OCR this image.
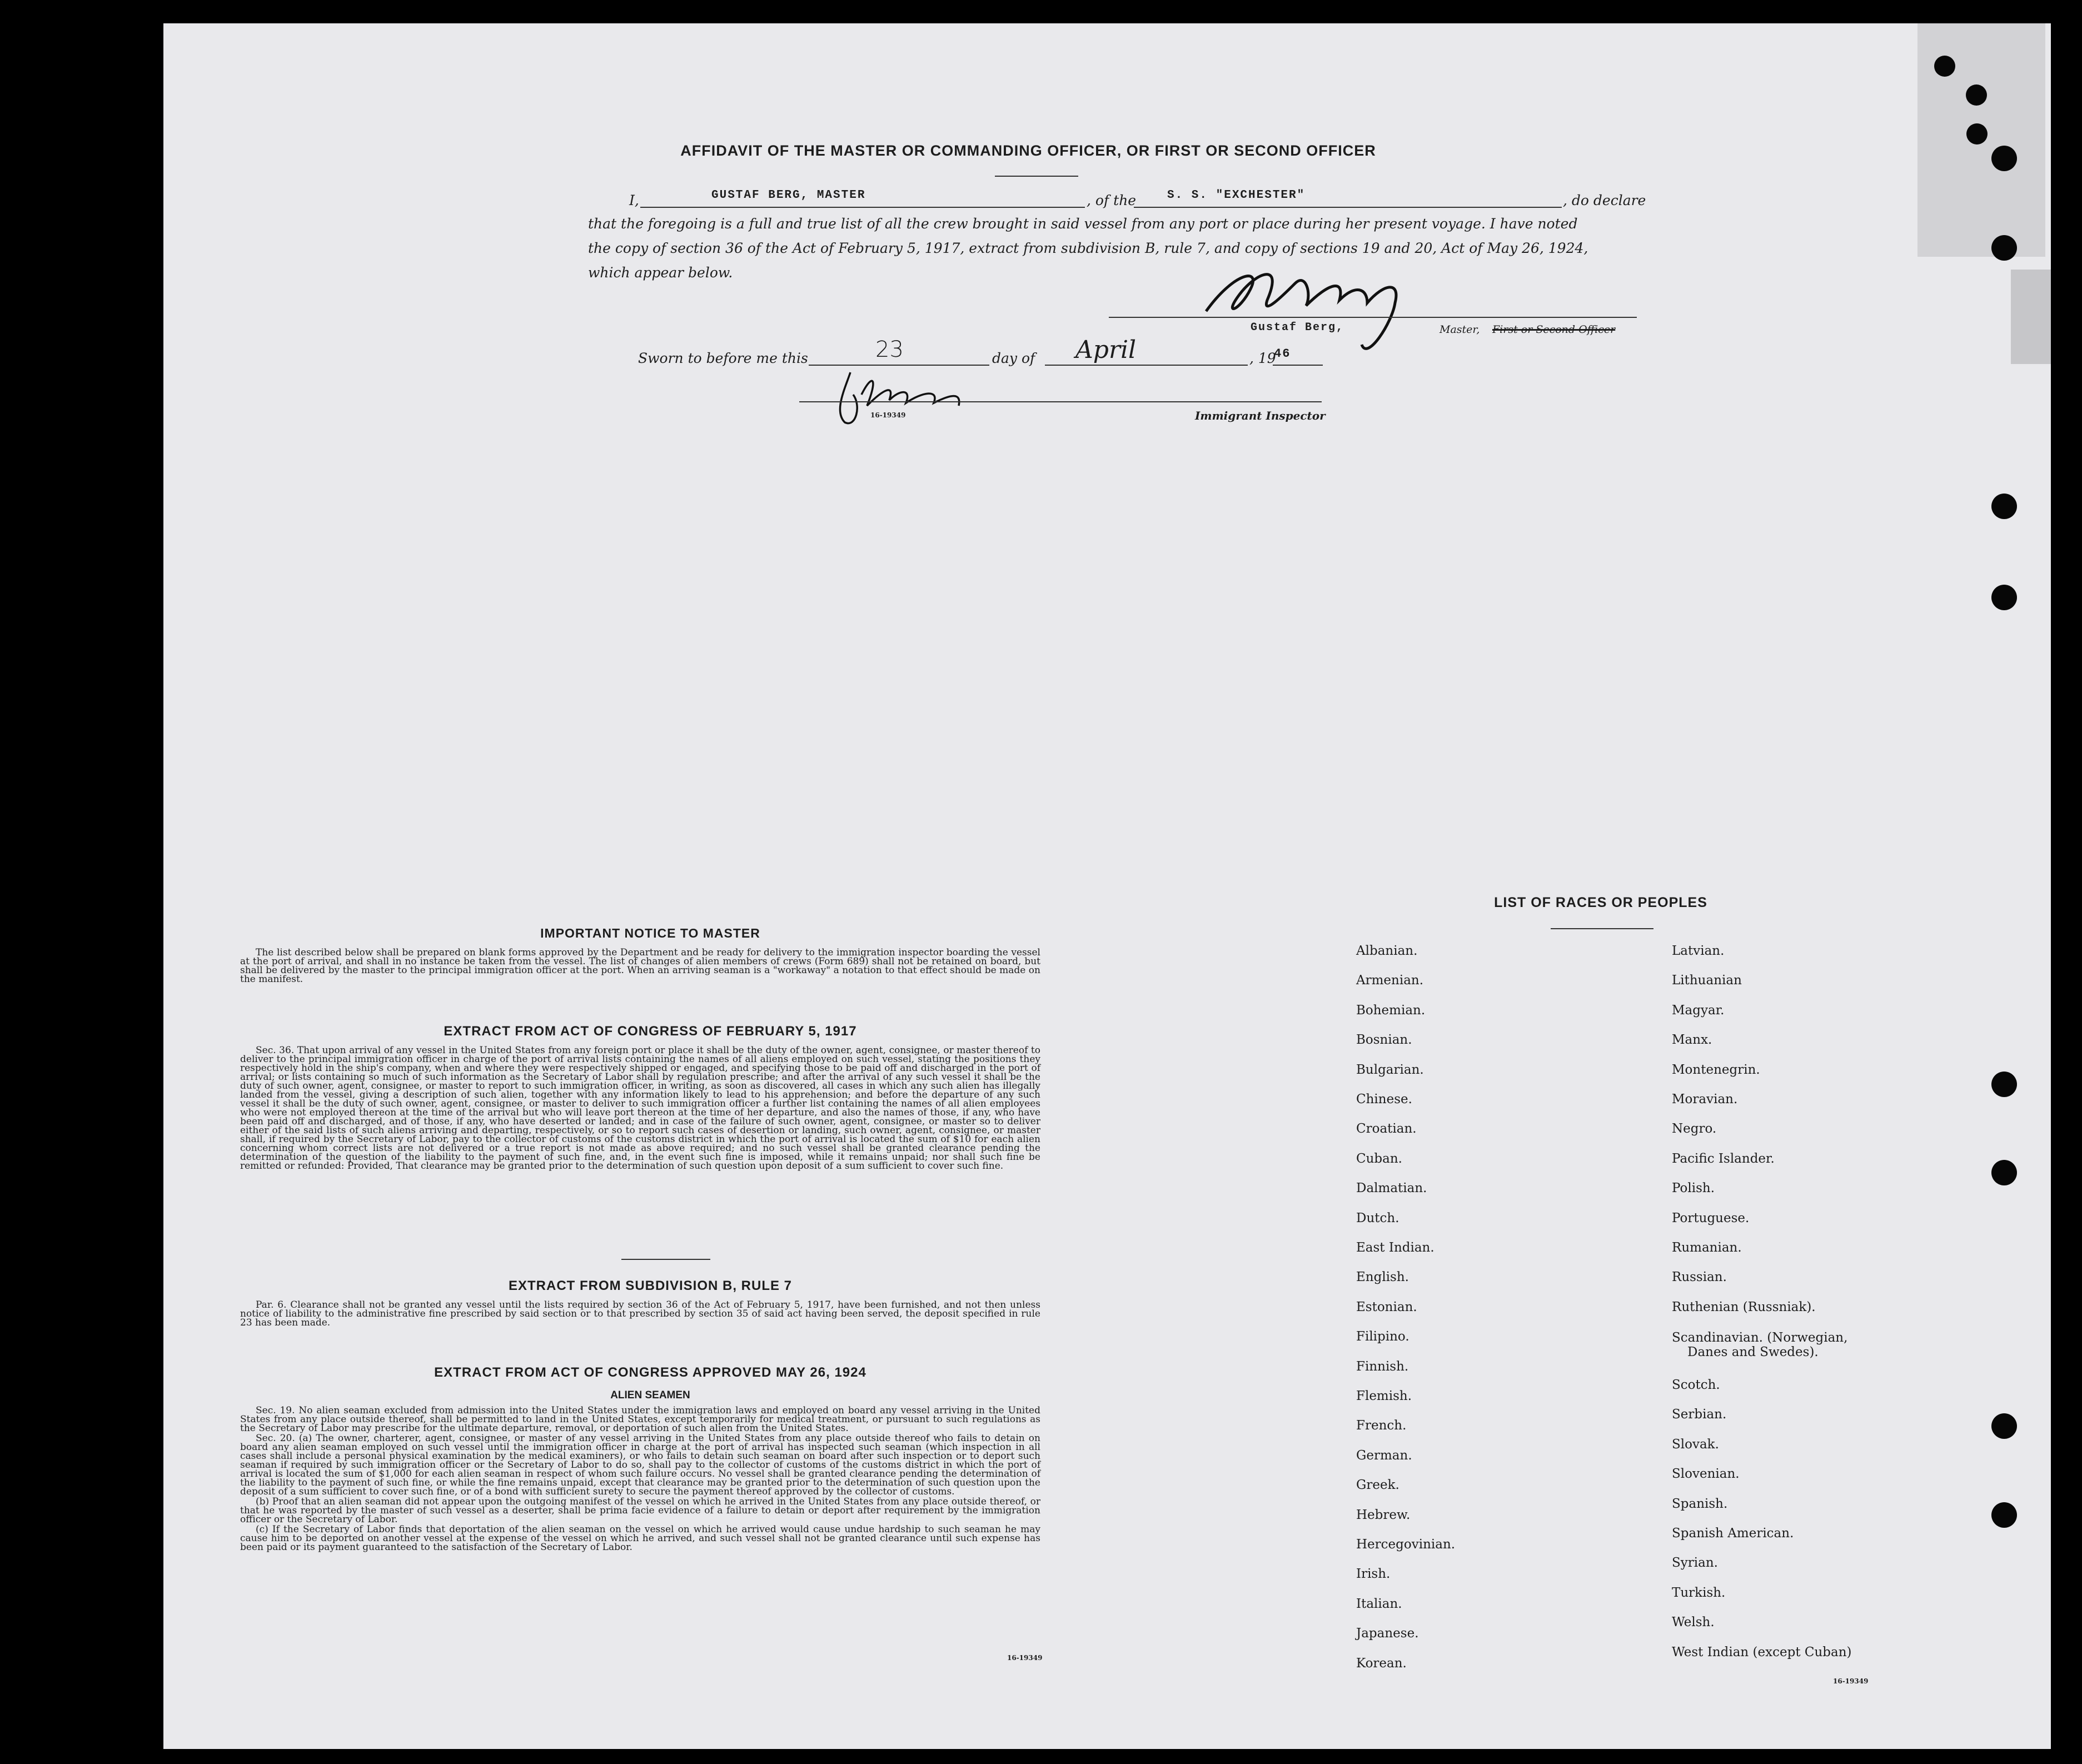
AFFIDAVIT OF THE MASTER OR COMMANDING OFFICER, OR FIRST OR SECOND OFFICER
I,	GUSTAF BERG, MASTER	, of the	S. S. "EXCHESTER"	, do declare
that the foregoing is a full and true list of all the crew brought in said vessel from any port or place during her present voyage. I have noted
the copy of section 36 of the Act of February 5, 1917, extract from subdivision B, rule 7, and copy of sections 19 and 20, Act of May 26, 1924,
which appear below.
Gustaf Berg,	Master, First or Second Officer
Sworn to before me this	23	day of April	, 19
46
16-19349	Immigrant Inspector
IMPORTANT NOTICE TO MASTER

The list described below shall be prepared on blank forms approved by the Department and be ready for delivery to the immigration inspector boarding the vessel at the port of arrival, and shall in no instance be taken from the vessel. The list of changes of alien members of crews (Form 689) shall not be retained on board, but shall be delivered by the master to the principal immigration officer at the port. When an arriving seaman is a "workaway" a notation to that effect should be made on the manifest.

EXTRACT FROM ACT OF CONGRESS OF FEBRUARY 5, 1917

Sec. 36. That upon arrival of any vessel in the United States from any foreign port or place it shall be the duty of the owner, agent, consignee, or master thereof to deliver to the principal immigration officer in charge of the port of arrival lists containing the names of all aliens employed on such vessel, stating the positions they respectively hold in the ship's company, when and where they were respectively shipped or engaged, and specifying those to be paid off and discharged in the port of arrival; or lists containing so much of such information as the Secretary of Labor shall by regulation prescribe; and after the arrival of any such vessel it shall be the duty of such owner, agent, consignee, or master to report to such immigration officer, in writing, as soon as discovered, all cases in which any such alien has illegally landed from the vessel, giving a description of such alien, together with any information likely to lead to his apprehension; and before the departure of any such vessel it shall be the duty of such owner, agent, consignee, or master to deliver to such immigration officer a further list containing the names of all alien employees who were not employed thereon at the time of the arrival but who will leave port thereon at the time of her departure, and also the names of those, if any, who have been paid off and discharged, and of those, if any, who have deserted or landed; and in case of the failure of such owner, agent, consignee, or master so to deliver either of the said lists of such aliens arriving and departing, respectively, or so to report such cases of desertion or landing, such owner, agent, consignee, or master shall, if required by the Secretary of Labor, pay to the collector of customs of the customs district in which the port of arrival is located the sum of $10 for each alien concerning whom correct lists are not delivered or a true report is not made as above required; and no such vessel shall be granted clearance pending the determination of the question of the liability to the payment of such fine, and, in the event such fine is imposed, while it remains unpaid; nor shall such fine be remitted or refunded: Provided, That clearance may be granted prior to the determination of such question upon deposit of a sum sufficient to cover such fine.

EXTRACT FROM SUBDIVISION B, RULE 7

Par. 6. Clearance shall not be granted any vessel until the lists required by section 36 of the Act of February 5, 1917, have been furnished, and not then unless notice of liability to the administrative fine prescribed by said section or to that prescribed by section 35 of said act having been served, the deposit specified in rule 23 has been made.

EXTRACT FROM ACT OF CONGRESS APPROVED MAY 26, 1924
ALIEN SEAMEN

Sec. 19. No alien seaman excluded from admission into the United States under the immigration laws and employed on board any vessel arriving in the United States from any place outside thereof, shall be permitted to land in the United States, except temporarily for medical treatment, or pursuant to such regulations as the Secretary of Labor may prescribe for the ultimate departure, removal, or deportation of such alien from the United States.

Sec. 20. (a) The owner, charterer, agent, consignee, or master of any vessel arriving in the United States from any place outside thereof who fails to detain on board any alien seaman employed on such vessel until the immigration officer in charge at the port of arrival has inspected such seaman (which inspection in all cases shall include a personal physical examination by the medical examiners), or who fails to detain such seaman on board after such inspection or to deport such seaman if required by such immigration officer or the Secretary of Labor to do so, shall pay to the collector of customs of the customs district in which the port of arrival is located the sum of $1,000 for each alien seaman in respect of whom such failure occurs. No vessel shall be granted clearance pending the determination of the liability to the payment of such fine, or while the fine remains unpaid, except that clearance may be granted prior to the determination of such question upon the deposit of a sum sufficient to cover such fine, or of a bond with sufficient surety to secure the payment thereof approved by the collector of customs.

(b) Proof that an alien seaman did not appear upon the outgoing manifest of the vessel on which he arrived in the United States from any place outside thereof, or that he was reported by the master of such vessel as a deserter, shall be prima facie evidence of a failure to detain or deport after requirement by the immigration officer or the Secretary of Labor.

(c) If the Secretary of Labor finds that deportation of the alien seaman on the vessel on which he arrived would cause undue hardship to such seaman he may cause him to be deported on another vessel at the expense of the vessel on which he arrived, and such vessel shall not be granted clearance until such expense has been paid or its payment guaranteed to the satisfaction of the Secretary of Labor.

16-19349
LIST OF RACES OR PEOPLES
Albanian.
Armenian.
Bohemian.
Bosnian.
Bulgarian.
Chinese.
Croatian.
Cuban.
Dalmatian.
Dutch.
East Indian.
English.
Estonian.
Filipino.
Finnish.
Flemish.
French.
German.
Greek.
Hebrew.
Hercegovinian.
Irish.
Italian.
Japanese.
Korean.
Latvian.
Lithuanian
Magyar.
Manx.
Montenegrin.
Moravian.
Negro.
Pacific Islander.
Polish.
Portuguese.
Rumanian.
Russian.
Ruthenian (Russniak).
Scandinavian. (Norwegian,
Danes and Swedes).
Scotch.
Serbian.
Slovak.
Slovenian.
Spanish.
Spanish American.
Syrian.
Turkish.
Welsh.
West Indian (except Cuban)
16-19349
